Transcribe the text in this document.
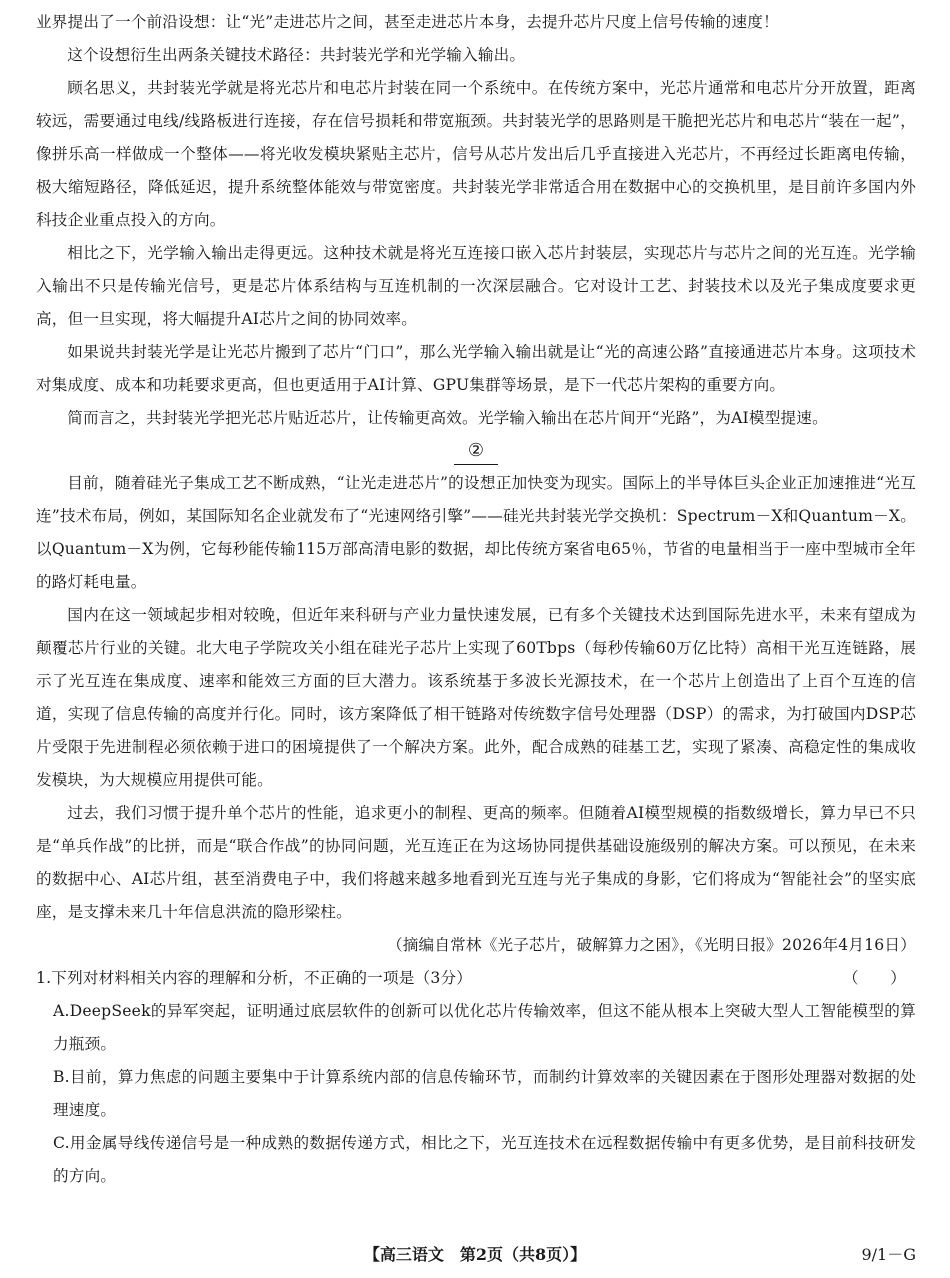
业界提出了一个前沿设想：让“光”走进芯片之间，甚至走进芯片本身，去提升芯片尺度上信号传输的速度！

这个设想衍生出两条关键技术路径：共封装光学和光学输入输出。

顾名思义，共封装光学就是将光芯片和电芯片封装在同一个系统中。在传统方案中，光芯片通常和电芯片分开放置，距离较远，需要通过电线/线路板进行连接，存在信号损耗和带宽瓶颈。共封装光学的思路则是干脆把光芯片和电芯片“装在一起”，像拼乐高一样做成一个整体——将光收发模块紧贴主芯片，信号从芯片发出后几乎直接进入光芯片，不再经过长距离电传输，极大缩短路径，降低延迟，提升系统整体能效与带宽密度。共封装光学非常适合用在数据中心的交换机里，是目前许多国内外科技企业重点投入的方向。

相比之下，光学输入输出走得更远。这种技术就是将光互连接口嵌入芯片封装层，实现芯片与芯片之间的光互连。光学输入输出不只是传输光信号，更是芯片体系结构与互连机制的一次深层融合。它对设计工艺、封装技术以及光子集成度要求更高，但一旦实现，将大幅提升AI芯片之间的协同效率。

如果说共封装光学是让光芯片搬到了芯片“门口”，那么光学输入输出就是让“光的高速公路”直接通进芯片本身。这项技术对集成度、成本和功耗要求更高，但也更适用于AI计算、GPU集群等场景，是下一代芯片架构的重要方向。

简而言之，共封装光学把光芯片贴近芯片，让传输更高效。光学输入输出在芯片间开“光路”，为AI模型提速。

②

目前，随着硅光子集成工艺不断成熟，“让光走进芯片”的设想正加快变为现实。国际上的半导体巨头企业正加速推进“光互连”技术布局，例如，某国际知名企业就发布了“光速网络引擎”——硅光共封装光学交换机：Spectrum－X和Quantum－X。以Quantum－X为例，它每秒能传输115万部高清电影的数据，却比传统方案省电65％，节省的电量相当于一座中型城市全年的路灯耗电量。

国内在这一领域起步相对较晚，但近年来科研与产业力量快速发展，已有多个关键技术达到国际先进水平，未来有望成为颠覆芯片行业的关键。北大电子学院攻关小组在硅光子芯片上实现了60Tbps（每秒传输60万亿比特）高相干光互连链路，展示了光互连在集成度、速率和能效三方面的巨大潜力。该系统基于多波长光源技术，在一个芯片上创造出了上百个互连的信道，实现了信息传输的高度并行化。同时，该方案降低了相干链路对传统数字信号处理器（DSP）的需求，为打破国内DSP芯片受限于先进制程必须依赖于进口的困境提供了一个解决方案。此外，配合成熟的硅基工艺，实现了紧凑、高稳定性的集成收发模块，为大规模应用提供可能。

过去，我们习惯于提升单个芯片的性能，追求更小的制程、更高的频率。但随着AI模型规模的指数级增长，算力早已不只是“单兵作战”的比拼，而是“联合作战”的协同问题，光互连正在为这场协同提供基础设施级别的解决方案。可以预见，在未来的数据中心、AI芯片组，甚至消费电子中，我们将越来越多地看到光互连与光子集成的身影，它们将成为“智能社会”的坚实底座，是支撑未来几十年信息洪流的隐形梁柱。

（摘编自常林《光子芯片，破解算力之困》，《光明日报》2026年4月16日）

1.下列对材料相关内容的理解和分析，不正确的一项是（3分）	（　　）

A.DeepSeek的异军突起，证明通过底层软件的创新可以优化芯片传输效率，但这不能从根本上突破大型人工智能模型的算力瓶颈。

B.目前，算力焦虑的问题主要集中于计算系统内部的信息传输环节，而制约计算效率的关键因素在于图形处理器对数据的处理速度。

C.用金属导线传递信号是一种成熟的数据传递方式，相比之下，光互连技术在远程数据传输中有更多优势，是目前科技研发的方向。

【高三语文　第2页（共8页）】	9/1－G
